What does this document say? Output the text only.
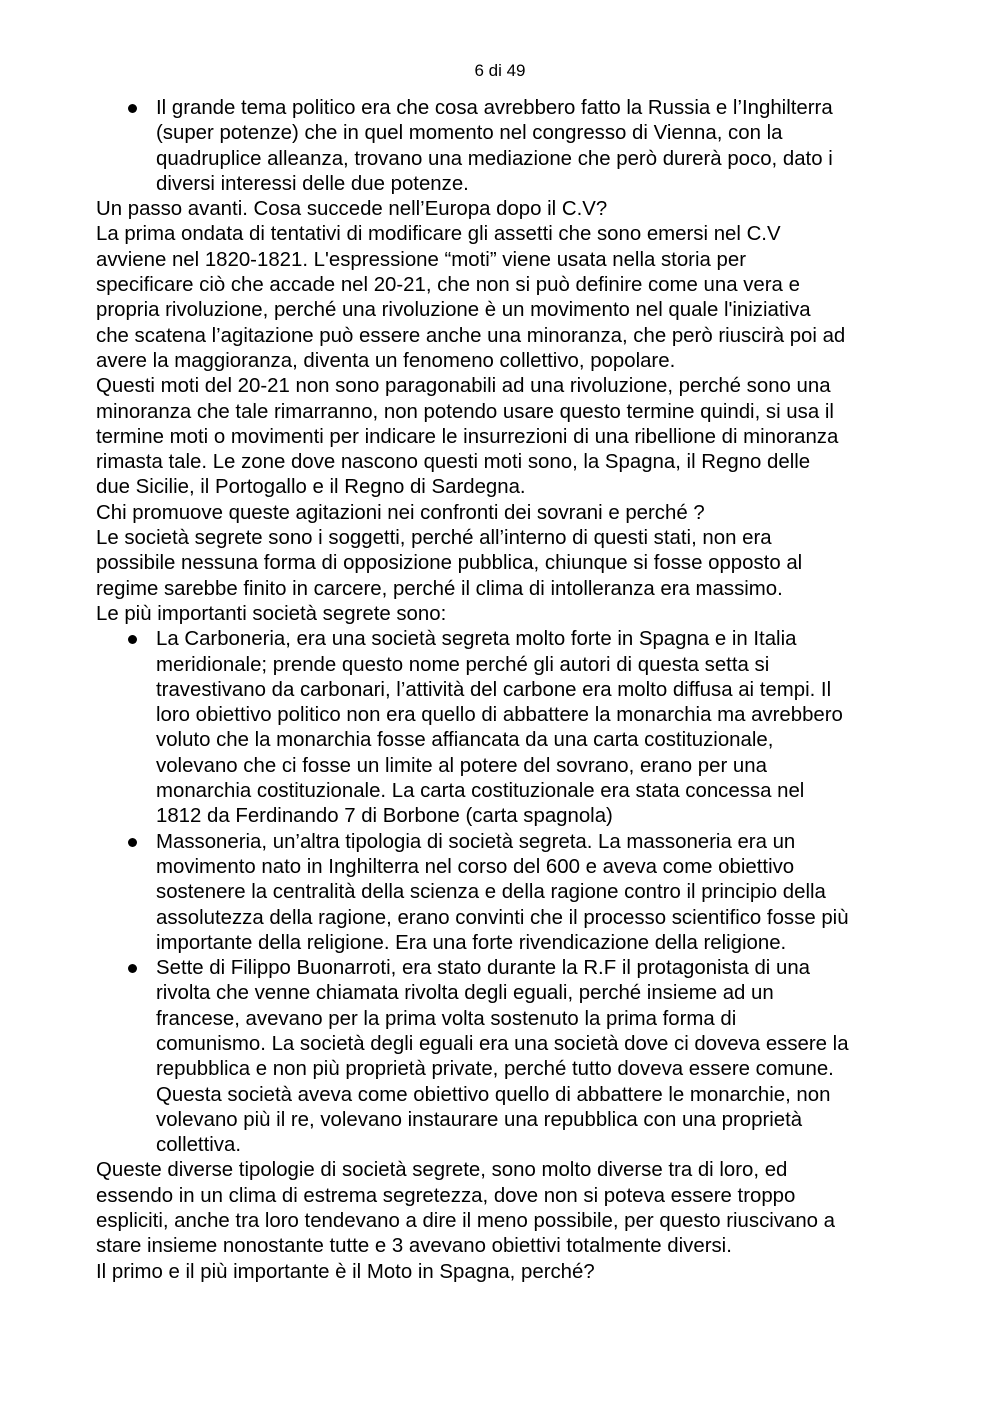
6 di 49
Il grande tema politico era che cosa avrebbero fatto la Russia e l’Inghilterra
(super potenze) che in quel momento nel congresso di Vienna, con la
quadruplice alleanza, trovano una mediazione che però durerà poco, dato i
diversi interessi delle due potenze.
Un passo avanti. Cosa succede nell’Europa dopo il C.V?
La prima ondata di tentativi di modificare gli assetti che sono emersi nel C.V
avviene nel 1820-1821. L'espressione “moti” viene usata nella storia per
specificare ciò che accade nel 20-21, che non si può definire come una vera e
propria rivoluzione, perché una rivoluzione è un movimento nel quale l'iniziativa
che scatena l’agitazione può essere anche una minoranza, che però riuscirà poi ad
avere la maggioranza, diventa un fenomeno collettivo, popolare.
Questi moti del 20-21 non sono paragonabili ad una rivoluzione, perché sono una
minoranza che tale rimarranno, non potendo usare questo termine quindi, si usa il
termine moti o movimenti per indicare le insurrezioni di una ribellione di minoranza
rimasta tale. Le zone dove nascono questi moti sono, la Spagna, il Regno delle
due Sicilie, il Portogallo e il Regno di Sardegna.
Chi promuove queste agitazioni nei confronti dei sovrani e perché ?
Le società segrete sono i soggetti, perché all’interno di questi stati, non era
possibile nessuna forma di opposizione pubblica, chiunque si fosse opposto al
regime sarebbe finito in carcere, perché il clima di intolleranza era massimo.
Le più importanti società segrete sono:
La Carboneria, era una società segreta molto forte in Spagna e in Italia
meridionale; prende questo nome perché gli autori di questa setta si
travestivano da carbonari, l’attività del carbone era molto diffusa ai tempi. Il
loro obiettivo politico non era quello di abbattere la monarchia ma avrebbero
voluto che la monarchia fosse affiancata da una carta costituzionale,
volevano che ci fosse un limite al potere del sovrano, erano per una
monarchia costituzionale. La carta costituzionale era stata concessa nel
1812 da Ferdinando 7 di Borbone (carta spagnola)
Massoneria, un’altra tipologia di società segreta. La massoneria era un
movimento nato in Inghilterra nel corso del 600 e aveva come obiettivo
sostenere la centralità della scienza e della ragione contro il principio della
assolutezza della ragione, erano convinti che il processo scientifico fosse più
importante della religione. Era una forte rivendicazione della religione.
Sette di Filippo Buonarroti, era stato durante la R.F il protagonista di una
rivolta che venne chiamata rivolta degli eguali, perché insieme ad un
francese, avevano per la prima volta sostenuto la prima forma di
comunismo. La società degli eguali era una società dove ci doveva essere la
repubblica e non più proprietà private, perché tutto doveva essere comune.
Questa società aveva come obiettivo quello di abbattere le monarchie, non
volevano più il re, volevano instaurare una repubblica con una proprietà
collettiva.
Queste diverse tipologie di società segrete, sono molto diverse tra di loro, ed
essendo in un clima di estrema segretezza, dove non si poteva essere troppo
espliciti, anche tra loro tendevano a dire il meno possibile, per questo riuscivano a
stare insieme nonostante tutte e 3 avevano obiettivi totalmente diversi.
Il primo e il più importante è il Moto in Spagna, perché?
